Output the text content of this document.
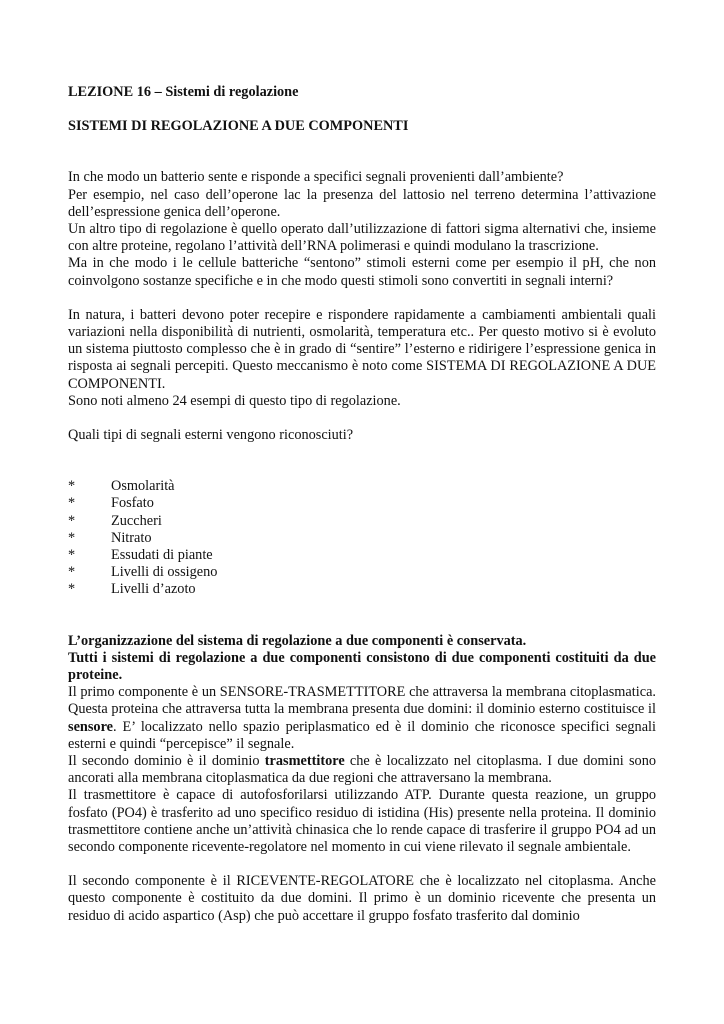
LEZIONE 16 – Sistemi di regolazione

SISTEMI DI REGOLAZIONE A DUE COMPONENTI

In che modo un batterio sente e risponde a specifici segnali provenienti dall’ambiente?

Per esempio, nel caso dell’operone lac la presenza del lattosio nel terreno determina l’attivazione dell’espressione genica dell’operone.

Un altro tipo di regolazione è quello operato dall’utilizzazione di fattori sigma alternativi che, insieme con altre proteine, regolano l’attività dell’RNA polimerasi e quindi modulano la trascrizione.

Ma in che modo i le cellule batteriche “sentono” stimoli esterni come per esempio il pH, che non coinvolgono sostanze specifiche e in che modo questi stimoli sono convertiti in segnali interni?

In natura, i batteri devono poter recepire e rispondere rapidamente a cambiamenti ambientali quali variazioni nella disponibilità di nutrienti, osmolarità, temperatura etc.. Per questo motivo si è evoluto un sistema piuttosto complesso che è in grado di “sentire” l’esterno e ridirigere l’espressione genica in risposta ai segnali percepiti. Questo meccanismo è noto come SISTEMA DI REGOLAZIONE A DUE COMPONENTI.

Sono noti almeno 24 esempi di questo tipo di regolazione.

Quali tipi di segnali esterni vengono riconosciuti?

*	Osmolarità
*	Fosfato
*	Zuccheri
*	Nitrato
*	Essudati di piante
*	Livelli di ossigeno
*	Livelli d’azoto

L’organizzazione del sistema di regolazione a due componenti è conservata.

Tutti i sistemi di regolazione a due componenti consistono di due componenti costituiti da due proteine.

Il primo componente è un SENSORE-TRASMETTITORE che attraversa la membrana citoplasmatica. Questa proteina che attraversa tutta la membrana presenta due domini: il dominio esterno costituisce il sensore. E’ localizzato nello spazio periplasmatico ed è il dominio che riconosce specifici segnali esterni e quindi “percepisce” il segnale.

Il secondo dominio è il dominio trasmettitore che è localizzato nel citoplasma. I due domini sono ancorati alla membrana citoplasmatica da due regioni che attraversano la membrana.

Il trasmettitore è capace di autofosforilarsi utilizzando ATP. Durante questa reazione, un gruppo fosfato (PO4) è trasferito ad uno specifico residuo di istidina (His) presente nella proteina. Il dominio trasmettitore contiene anche un’attività chinasica che lo rende capace di trasferire il gruppo PO4 ad un secondo componente ricevente-regolatore nel momento in cui viene rilevato il segnale ambientale.

Il secondo componente è il RICEVENTE-REGOLATORE che è localizzato nel citoplasma. Anche questo componente è costituito da due domini. Il primo è un dominio ricevente che presenta un residuo di acido aspartico (Asp) che può accettare il gruppo fosfato trasferito dal dominio
